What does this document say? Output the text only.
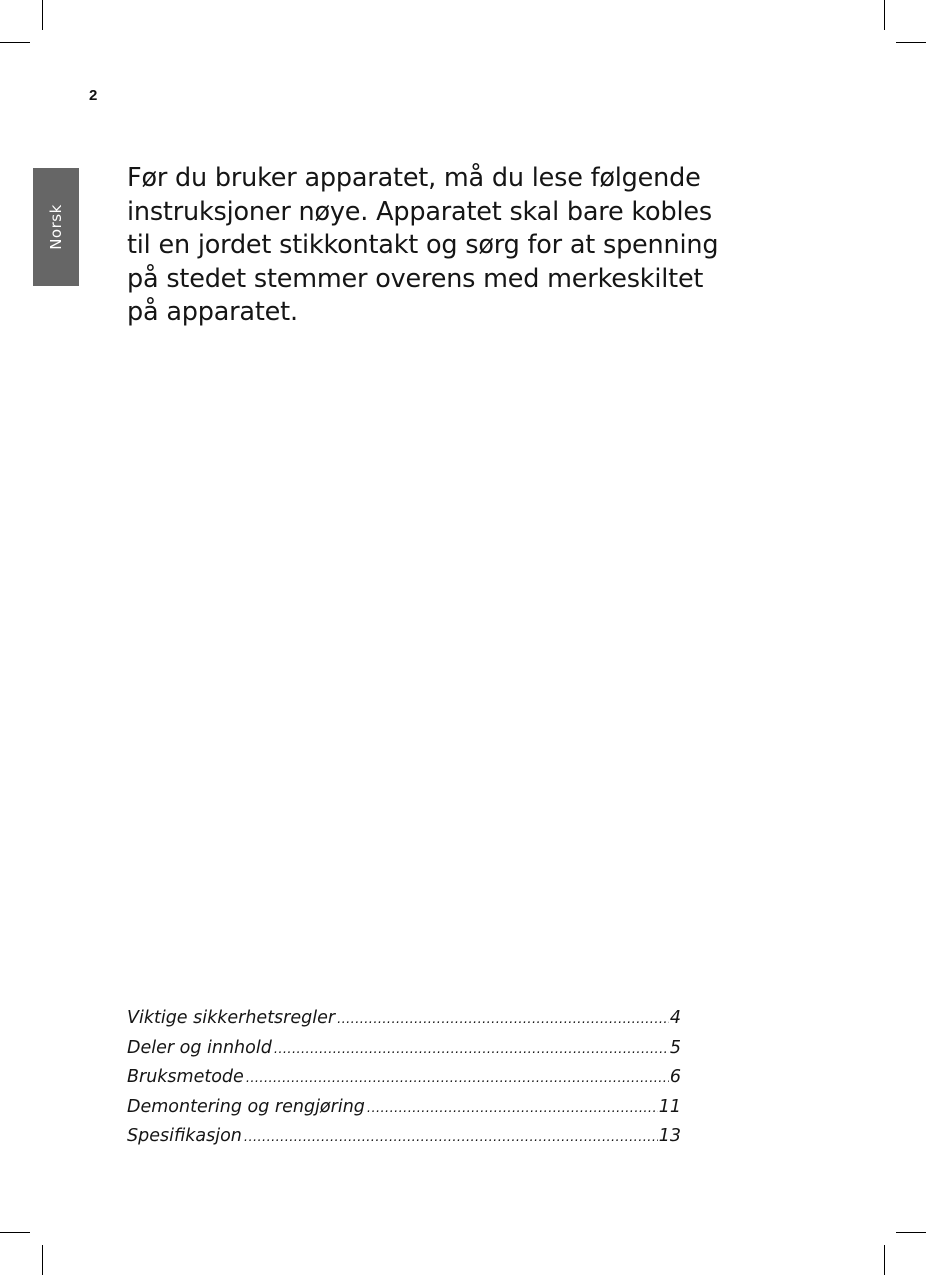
2
Norsk

Før du bruker apparatet, må du lese følgende
instruksjoner nøye. Apparatet skal bare kobles
til en jordet stikkontakt og sørg for at spenning
på stedet stemmer overens med merkeskiltet
på apparatet.

Viktige sikkerhetsregler .....	4
Deler og innhold .....	5
Bruksmetode .....	6
Demontering og rengjøring .....	11
Spesifikasjon .....	13
